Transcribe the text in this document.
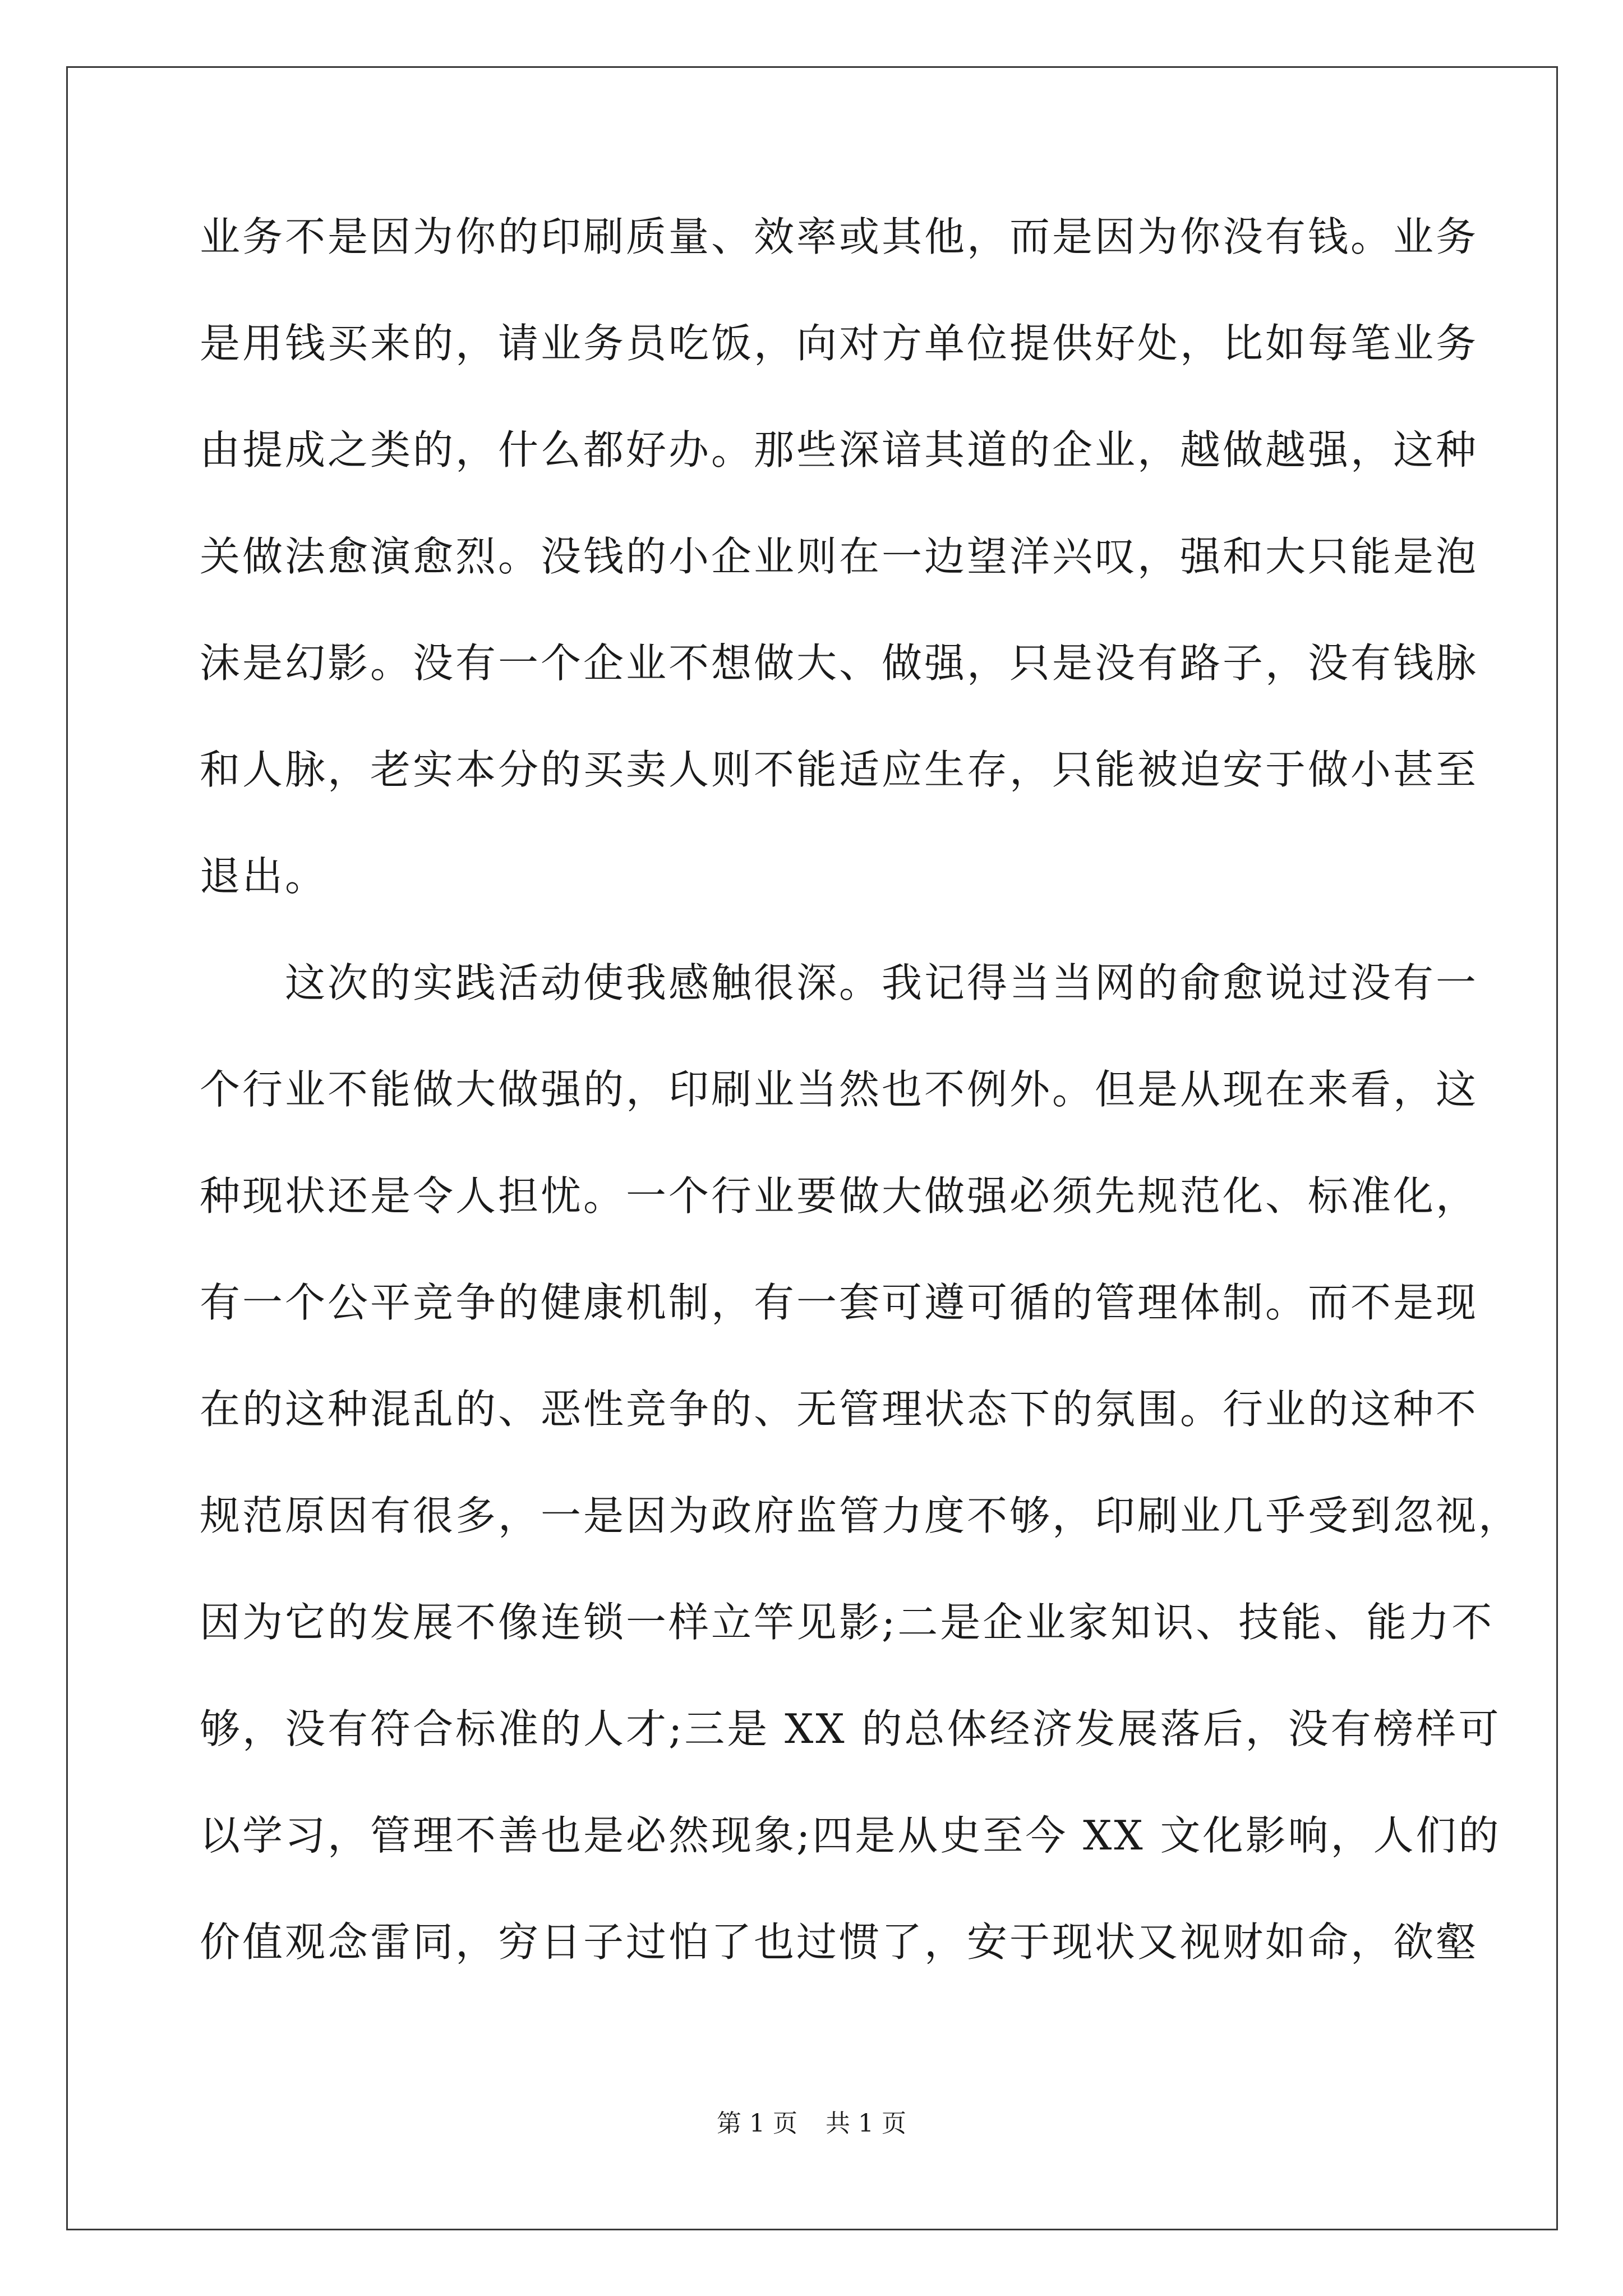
业务不是因为你的印刷质量、效率或其他，而是因为你没有钱。业务
是用钱买来的，请业务员吃饭，向对方单位提供好处，比如每笔业务
由提成之类的，什么都好办。那些深谙其道的企业，越做越强，这种
关做法愈演愈烈。没钱的小企业则在一边望洋兴叹，强和大只能是泡
沫是幻影。没有一个企业不想做大、做强，只是没有路子，没有钱脉
和人脉，老实本分的买卖人则不能适应生存，只能被迫安于做小甚至
退出。
　　这次的实践活动使我感触很深。我记得当当网的俞愈说过没有一
个行业不能做大做强的，印刷业当然也不例外。但是从现在来看，这
种现状还是令人担忧。一个行业要做大做强必须先规范化、标准化，
有一个公平竞争的健康机制，有一套可遵可循的管理体制。而不是现
在的这种混乱的、恶性竞争的、无管理状态下的氛围。行业的这种不
规范原因有很多，一是因为政府监管力度不够，印刷业几乎受到忽视，
因为它的发展不像连锁一样立竿见影;二是企业家知识、技能、能力不
够，没有符合标准的人才;三是 XX 的总体经济发展落后，没有榜样可
以学习，管理不善也是必然现象;四是从史至今 XX 文化影响，人们的
价值观念雷同，穷日子过怕了也过惯了，安于现状又视财如命，欲壑
第 1 页 共 1 页
